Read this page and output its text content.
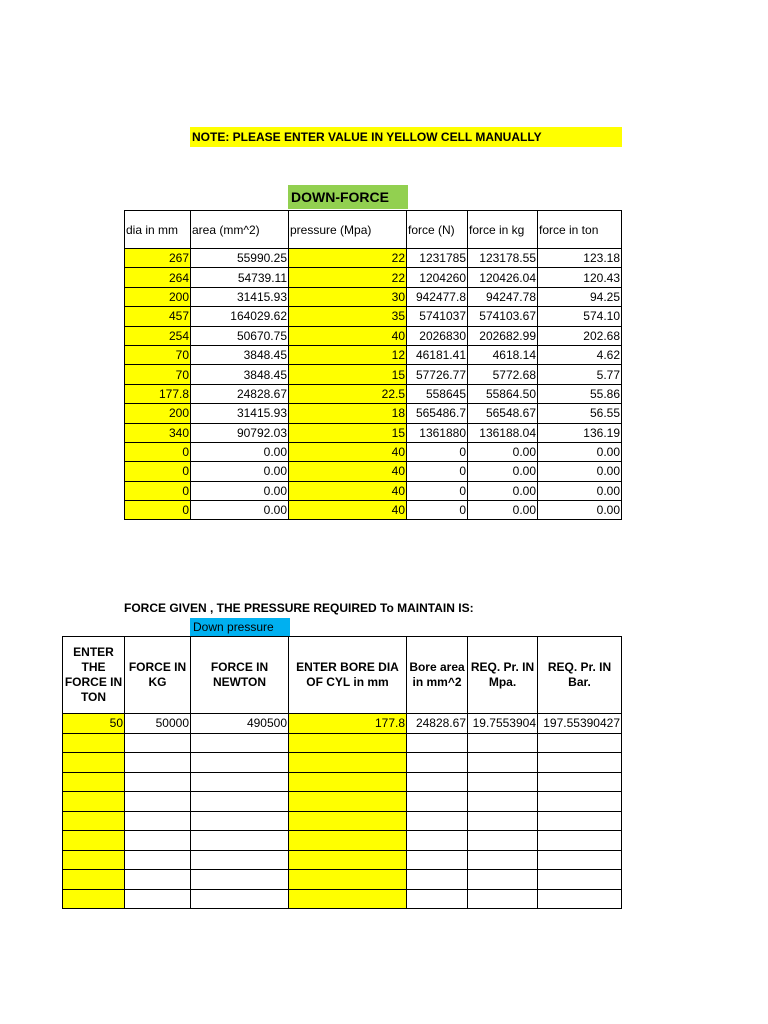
NOTE: PLEASE ENTER VALUE IN YELLOW CELL MANUALLY
DOWN-FORCE
dia in mm	area (mm^2)	pressure (Mpa)	force (N)	force in kg	force in ton
267	55990.25	22	1231785	123178.55	123.18
264	54739.11	22	1204260	120426.04	120.43
200	31415.93	30	942477.8	94247.78	94.25
457	164029.62	35	5741037	574103.67	574.10
254	50670.75	40	2026830	202682.99	202.68
70	3848.45	12	46181.41	4618.14	4.62
70	3848.45	15	57726.77	5772.68	5.77
177.8	24828.67	22.5	558645	55864.50	55.86
200	31415.93	18	565486.7	56548.67	56.55
340	90792.03	15	1361880	136188.04	136.19
0	0.00	40	0	0.00	0.00
0	0.00	40	0	0.00	0.00
0	0.00	40	0	0.00	0.00
0	0.00	40	0	0.00	0.00
FORCE GIVEN , THE PRESSURE REQUIRED To MAINTAIN IS:
Down pressure
ENTER THE FORCE IN TON	FORCE IN KG	FORCE IN NEWTON	ENTER BORE DIA OF CYL in mm	Bore area in mm^2	REQ. Pr. IN Mpa.	REQ. Pr. IN Bar.
50	50000	490500	177.8	24828.67	19.7553904	197.55390427
